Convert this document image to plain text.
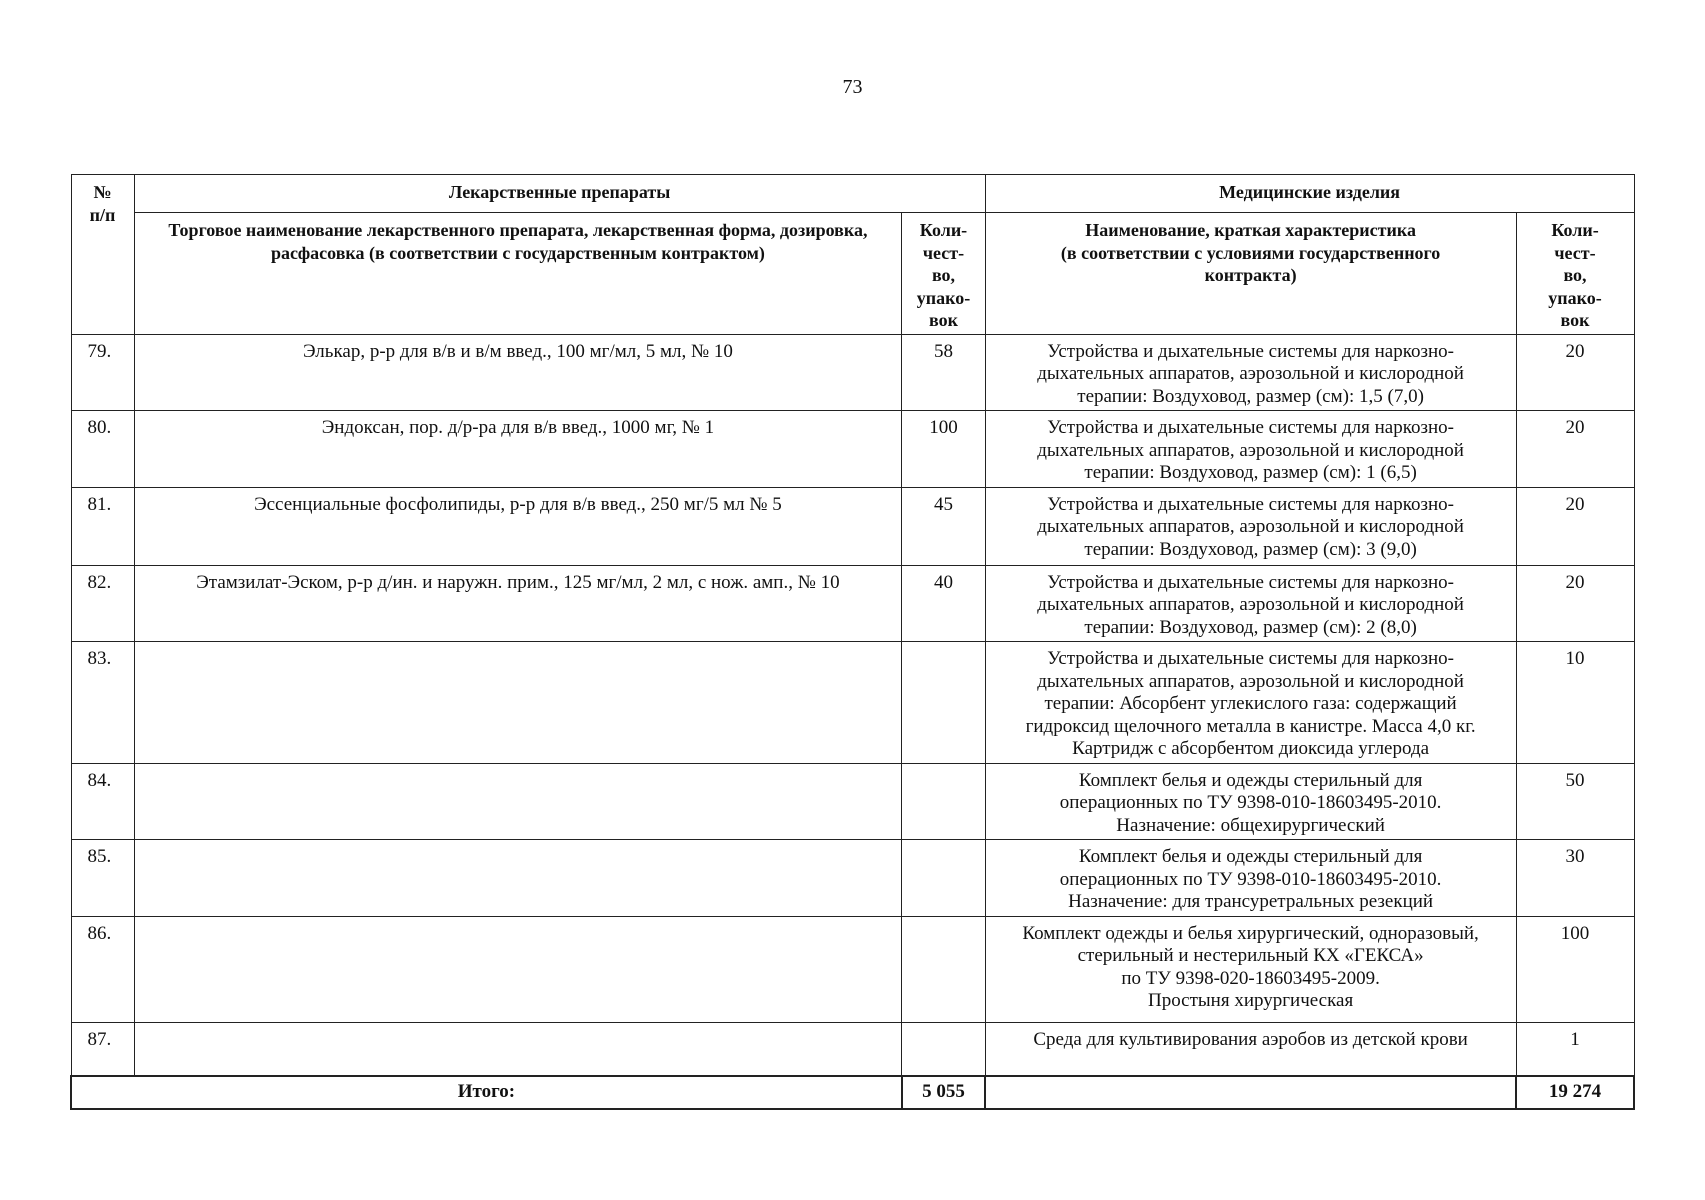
73
№
п/п	Лекарственные препараты		Медицинские изделия	
	Торговое наименование лекарственного препарата, лекарственная форма, дозировка, расфасовка (в соответствии с государственным контрактом)	Коли-
чест-
во,
упако-
вок	Наименование, краткая характеристика
(в соответствии с условиями государственного
контракта)	Коли-
чест-
во,
упако-
вок
79.	Элькар, р-р для в/в и в/м введ., 100 мг/мл, 5 мл, № 10	58	Устройства и дыхательные системы для наркозно-
дыхательных аппаратов, аэрозольной и кислородной
терапии: Воздуховод, размер (см): 1,5 (7,0)	20
80.	Эндоксан, пор. д/р-ра для в/в введ., 1000 мг, № 1	100	Устройства и дыхательные системы для наркозно-
дыхательных аппаратов, аэрозольной и кислородной
терапии: Воздуховод, размер (см): 1 (6,5)	20
81.	Эссенциальные фосфолипиды, р-р для в/в введ., 250 мг/5 мл № 5	45	Устройства и дыхательные системы для наркозно-
дыхательных аппаратов, аэрозольной и кислородной
терапии: Воздуховод, размер (см): 3 (9,0)	20
82.	Этамзилат-Эском, р-р д/ин. и наружн. прим., 125 мг/мл, 2 мл, с нож. амп., № 10	40	Устройства и дыхательные системы для наркозно-
дыхательных аппаратов, аэрозольной и кислородной
терапии: Воздуховод, размер (см): 2 (8,0)	20
83.			Устройства и дыхательные системы для наркозно-
дыхательных аппаратов, аэрозольной и кислородной
терапии: Абсорбент углекислого газа: содержащий
гидроксид щелочного металла в канистре. Масса 4,0 кг.
Картридж с абсорбентом диоксида углерода	10
84.			Комплект белья и одежды стерильный для
операционных по ТУ 9398-010-18603495-2010.
Назначение: общехирургический	50
85.			Комплект белья и одежды стерильный для
операционных по ТУ 9398-010-18603495-2010.
Назначение: для трансуретральных резекций	30
86.			Комплект одежды и белья хирургический, одноразовый,
стерильный и нестерильный КХ «ГЕКСА»
по ТУ 9398-020-18603495-2009.
Простыня хирургическая	100
87.			Среда для культивирования аэробов из детской крови	1
Итого:		5 055		19 274
